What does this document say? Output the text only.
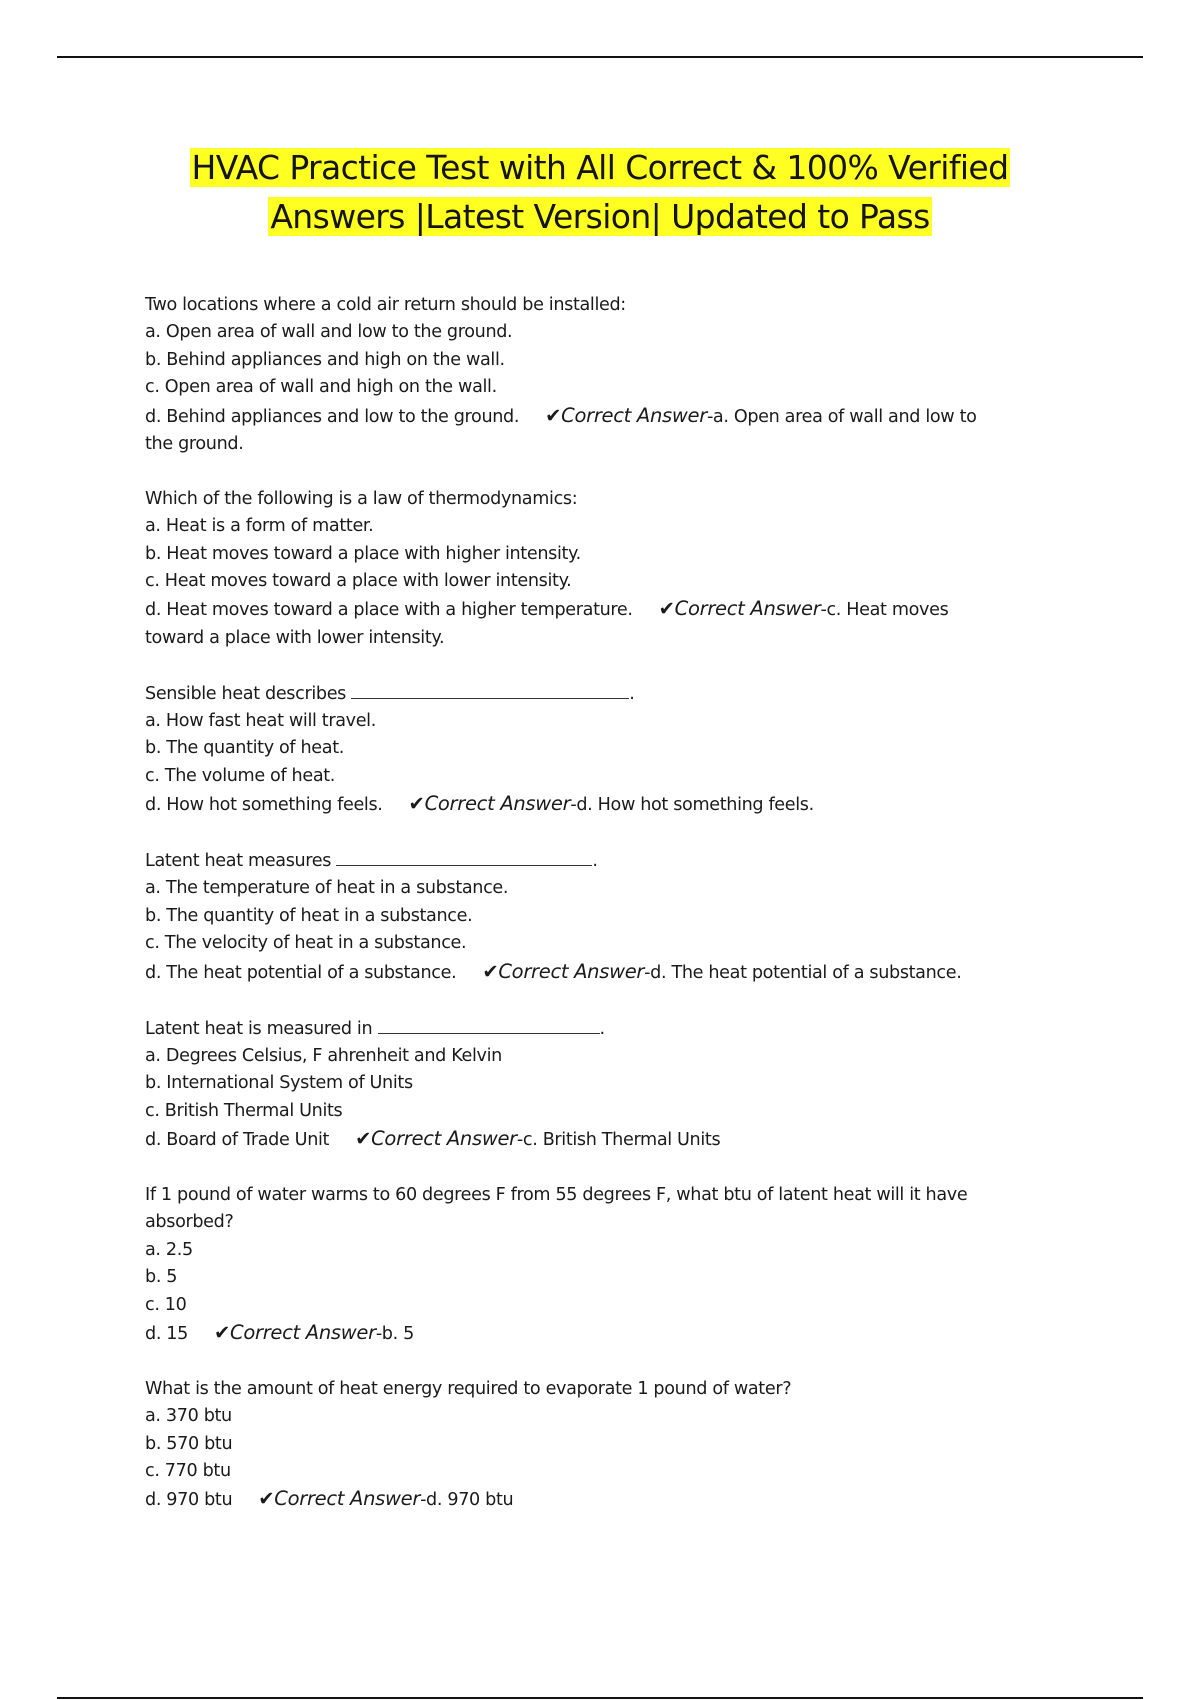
HVAC Practice Test with All Correct & 100% Verified
Answers |Latest Version| Updated to Pass

Two locations where a cold air return should be installed:

a. Open area of wall and low to the ground.

b. Behind appliances and high on the wall.

c. Open area of wall and high on the wall.

d. Behind appliances and low to the ground. ✔Correct Answer-a. Open area of wall and low to

the ground.

Which of the following is a law of thermodynamics:

a. Heat is a form of matter.

b. Heat moves toward a place with higher intensity.

c. Heat moves toward a place with lower intensity.

d. Heat moves toward a place with a higher temperature. ✔Correct Answer-c. Heat moves

toward a place with lower intensity.

Sensible heat describes	.

a. How fast heat will travel.

b. The quantity of heat.

c. The volume of heat.

d. How hot something feels. ✔Correct Answer-d. How hot something feels.

Latent heat measures	.

a. The temperature of heat in a substance.

b. The quantity of heat in a substance.

c. The velocity of heat in a substance.

d. The heat potential of a substance. ✔Correct Answer-d. The heat potential of a substance.

Latent heat is measured in	.

a. Degrees Celsius, F ahrenheit and Kelvin

b. International System of Units

c. British Thermal Units

d. Board of Trade Unit ✔Correct Answer-c. British Thermal Units

If 1 pound of water warms to 60 degrees F from 55 degrees F, what btu of latent heat will it have absorbed?

a. 2.5

b. 5

c. 10

d. 15 ✔Correct Answer-b. 5

What is the amount of heat energy required to evaporate 1 pound of water?

a. 370 btu

b. 570 btu

c. 770 btu

d. 970 btu ✔Correct Answer-d. 970 btu
